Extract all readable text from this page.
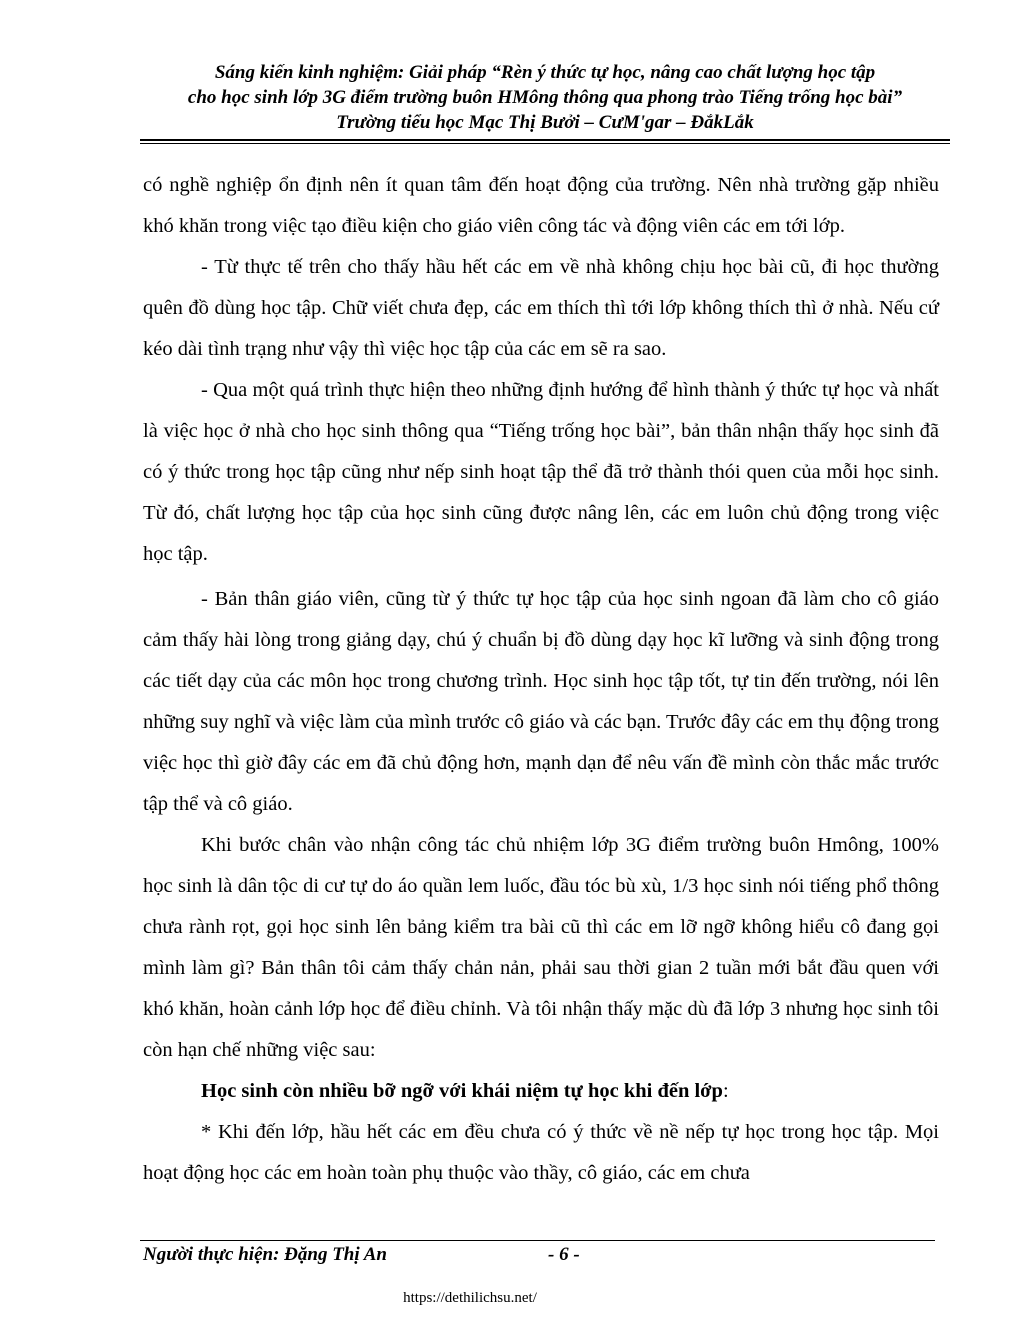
Sáng kiến kinh nghiệm: Giải pháp “Rèn ý thức tự học, nâng cao chất lượng học tập
cho học sinh lớp 3G điểm trường buôn HMông thông qua phong trào Tiếng trống học bài”
Trường tiểu học Mạc Thị Bưởi – CưM'gar – ĐắkLắk

có nghề nghiệp ổn định nên ít quan tâm đến hoạt động của trường. Nên nhà trường gặp nhiều khó khăn trong việc tạo điều kiện cho giáo viên công tác và động viên các em tới lớp.

- Từ thực tế trên cho thấy hầu hết các em về nhà không chịu học bài cũ, đi học thường quên đồ dùng học tập. Chữ viết chưa đẹp, các em thích thì tới lớp không thích thì ở nhà. Nếu cứ kéo dài tình trạng như vậy thì việc học tập của các em sẽ ra sao.

- Qua một quá trình thực hiện theo những định hướng để hình thành ý thức tự học và nhất là việc học ở nhà cho học sinh thông qua “Tiếng trống học bài”, bản thân nhận thấy học sinh đã có ý thức trong học tập cũng như nếp sinh hoạt tập thể đã trở thành thói quen của mỗi học sinh. Từ đó, chất lượng học tập của học sinh cũng được nâng lên, các em luôn chủ động trong việc học tập.

- Bản thân giáo viên, cũng từ ý thức tự học tập của học sinh ngoan đã làm cho cô giáo cảm thấy hài lòng trong giảng dạy, chú ý chuẩn bị đồ dùng dạy học kĩ lưỡng và sinh động trong các tiết dạy của các môn học trong chương trình. Học sinh học tập tốt, tự tin đến trường, nói lên những suy nghĩ và việc làm của mình trước cô giáo và các bạn. Trước đây các em thụ động trong việc học thì giờ đây các em đã chủ động hơn, mạnh dạn để nêu vấn đề mình còn thắc mắc trước tập thể và cô giáo.

Khi bước chân vào nhận công tác chủ nhiệm lớp 3G điểm trường buôn Hmông, 100% học sinh là dân tộc di cư tự do áo quần lem luốc, đầu tóc bù xù, 1/3 học sinh nói tiếng phổ thông chưa rành rọt, gọi học sinh lên bảng kiểm tra bài cũ thì các em lỡ ngỡ không hiểu cô đang gọi mình làm gì? Bản thân tôi cảm thấy chản nản, phải sau thời gian 2 tuần mới bắt đầu quen với khó khăn, hoàn cảnh lớp học để điều chỉnh. Và tôi nhận thấy mặc dù đã lớp 3 nhưng học sinh tôi còn hạn chế những việc sau:

Học sinh còn nhiều bỡ ngỡ với khái niệm tự học khi đến lớp:

* Khi đến lớp, hầu hết các em đều chưa có ý thức về nề nếp tự học trong học tập. Mọi hoạt động học các em hoàn toàn phụ thuộc vào thầy, cô giáo, các em chưa

Người thực hiện: Đặng Thị An	- 6 -
https://dethilichsu.net/
